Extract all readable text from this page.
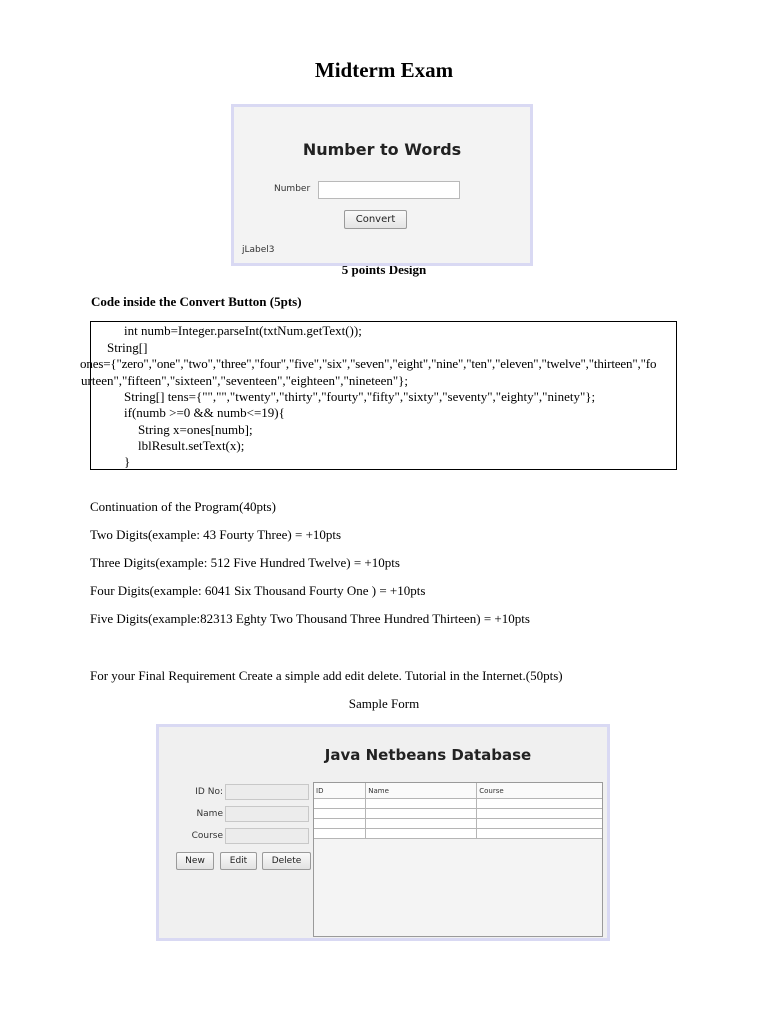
Midterm Exam
Number to Words
Number
Convert
jLabel3
5 points Design
Code inside the Convert Button (5pts)
int numb=Integer.parseInt(txtNum.getText());
String[]
ones={"zero","one","two","three","four","five","six","seven","eight","nine","ten","eleven","twelve","thirteen","fo
urteen","fifteen","sixteen","seventeen","eighteen","nineteen"};
String[] tens={"","","twenty","thirty","fourty","fifty","sixty","seventy","eighty","ninety"};
if(numb >=0 && numb<=19){
String x=ones[numb];
lblResult.setText(x);
}
Continuation of the Program(40pts)
Two Digits(example: 43 Fourty Three) = +10pts
Three Digits(example: 512 Five Hundred Twelve) = +10pts
Four Digits(example: 6041 Six Thousand Fourty One ) = +10pts
Five Digits(example:82313 Eghty Two Thousand Three Hundred Thirteen) = +10pts
For your Final Requirement Create a simple add edit delete. Tutorial in the Internet.(50pts)
Sample Form
Java Netbeans Database
ID No:
Name
Course
New	Edit	Delete
ID	Name	Course
